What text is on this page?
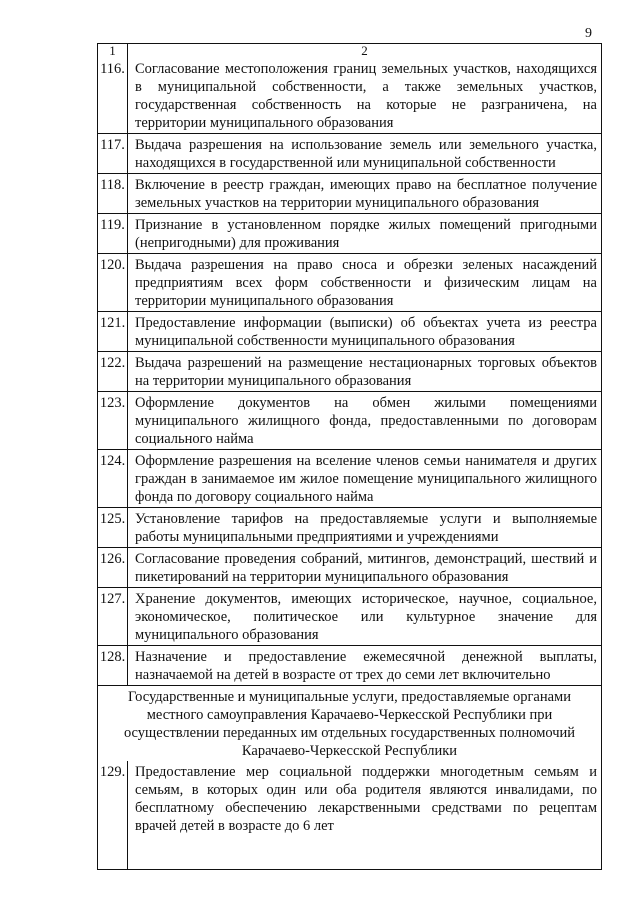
9
1	2
116. Согласование местоположения границ земельных участков, находящихся в муниципальной собственности, а также земельных участков, государственная собственность на которые не разграничена, на территории муниципального образования
117. Выдача разрешения на использование земель или земельного участка, находящихся в государственной или муниципальной собственности
118. Включение в реестр граждан, имеющих право на бесплатное получение земельных участков на территории муниципального образования
119. Признание в установленном порядке жилых помещений пригодными (непригодными) для проживания
120. Выдача разрешения на право сноса и обрезки зеленых насаждений предприятиям всех форм собственности и физическим лицам на территории муниципального образования
121. Предоставление информации (выписки) об объектах учета из реестра муниципальной собственности муниципального образования
122. Выдача разрешений на размещение нестационарных торговых объектов на территории муниципального образования
123. Оформление документов на обмен жилыми помещениями муниципального жилищного фонда, предоставленными по договорам социального найма
124. Оформление разрешения на вселение членов семьи нанимателя и других граждан в занимаемое им жилое помещение муниципального жилищного фонда по договору социального найма
125. Установление тарифов на предоставляемые услуги и выполняемые работы муниципальными предприятиями и учреждениями
126. Согласование проведения собраний, митингов, демонстраций, шествий и пикетирований на территории муниципального образования
127. Хранение документов, имеющих историческое, научное, социальное, экономическое, политическое или культурное значение для муниципального образования
128. Назначение и предоставление ежемесячной денежной выплаты, назначаемой на детей в возрасте от трех до семи лет включительно
Государственные и муниципальные услуги, предоставляемые органами местного самоуправления Карачаево-Черкесской Республики при осуществлении переданных им отдельных государственных полномочий Карачаево-Черкесской Республики
129. Предоставление мер социальной поддержки многодетным семьям и семьям, в которых один или оба родителя являются инвалидами, по бесплатному обеспечению лекарственными средствами по рецептам врачей детей в возрасте до 6 лет
